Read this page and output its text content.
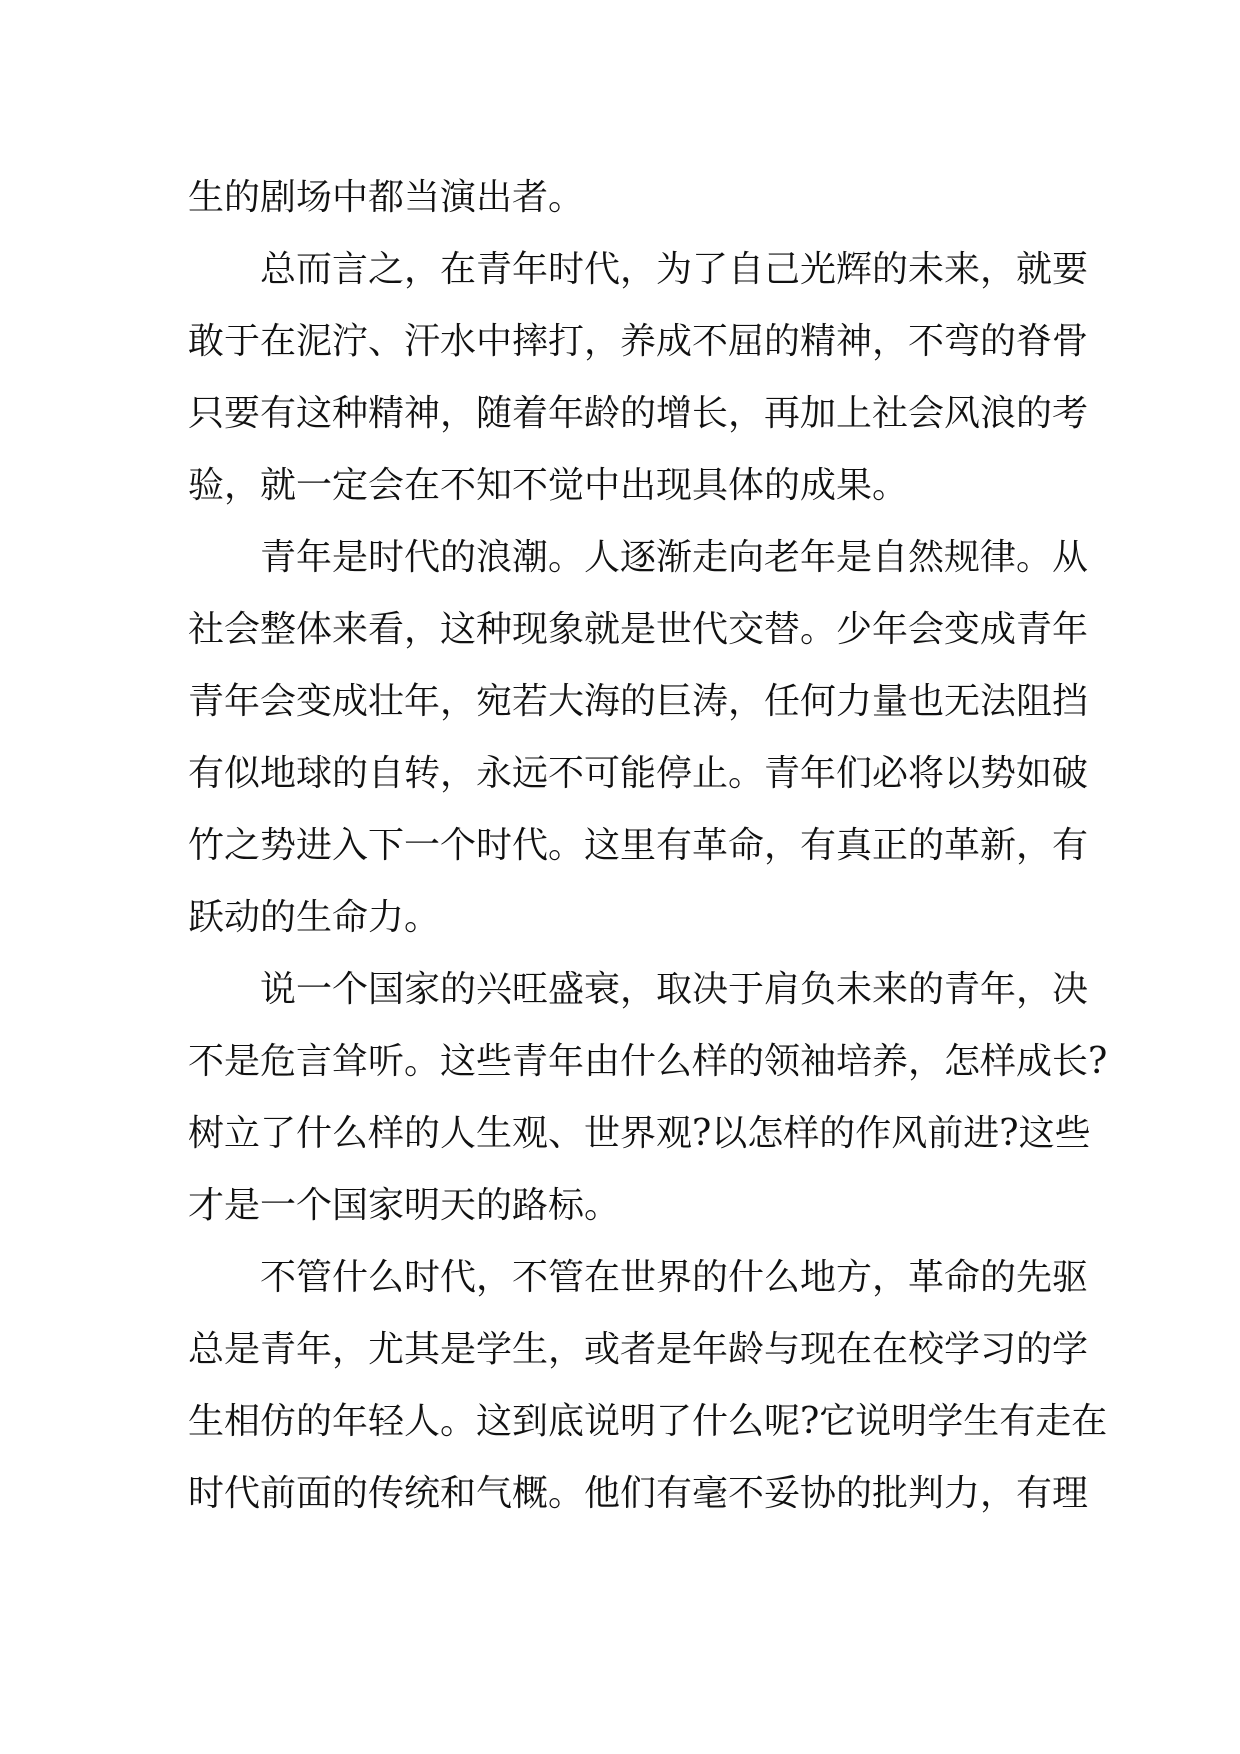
生的剧场中都当演出者。
总而言之，在青年时代，为了自己光辉的未来，就要
敢于在泥泞、汗水中摔打，养成不屈的精神，不弯的脊骨
只要有这种精神，随着年龄的增长，再加上社会风浪的考
验，就一定会在不知不觉中出现具体的成果。
青年是时代的浪潮。人逐渐走向老年是自然规律。从
社会整体来看，这种现象就是世代交替。少年会变成青年
青年会变成壮年，宛若大海的巨涛，任何力量也无法阻挡
有似地球的自转，永远不可能停止。青年们必将以势如破
竹之势进入下一个时代。这里有革命，有真正的革新，有
跃动的生命力。
说一个国家的兴旺盛衰，取决于肩负未来的青年，决
不是危言耸听。这些青年由什么样的领袖培养，怎样成长?
树立了什么样的人生观、世界观?以怎样的作风前进?这些
才是一个国家明天的路标。
不管什么时代，不管在世界的什么地方，革命的先驱
总是青年，尤其是学生，或者是年龄与现在在校学习的学
生相仿的年轻人。这到底说明了什么呢?它说明学生有走在
时代前面的传统和气概。他们有毫不妥协的批判力，有理
